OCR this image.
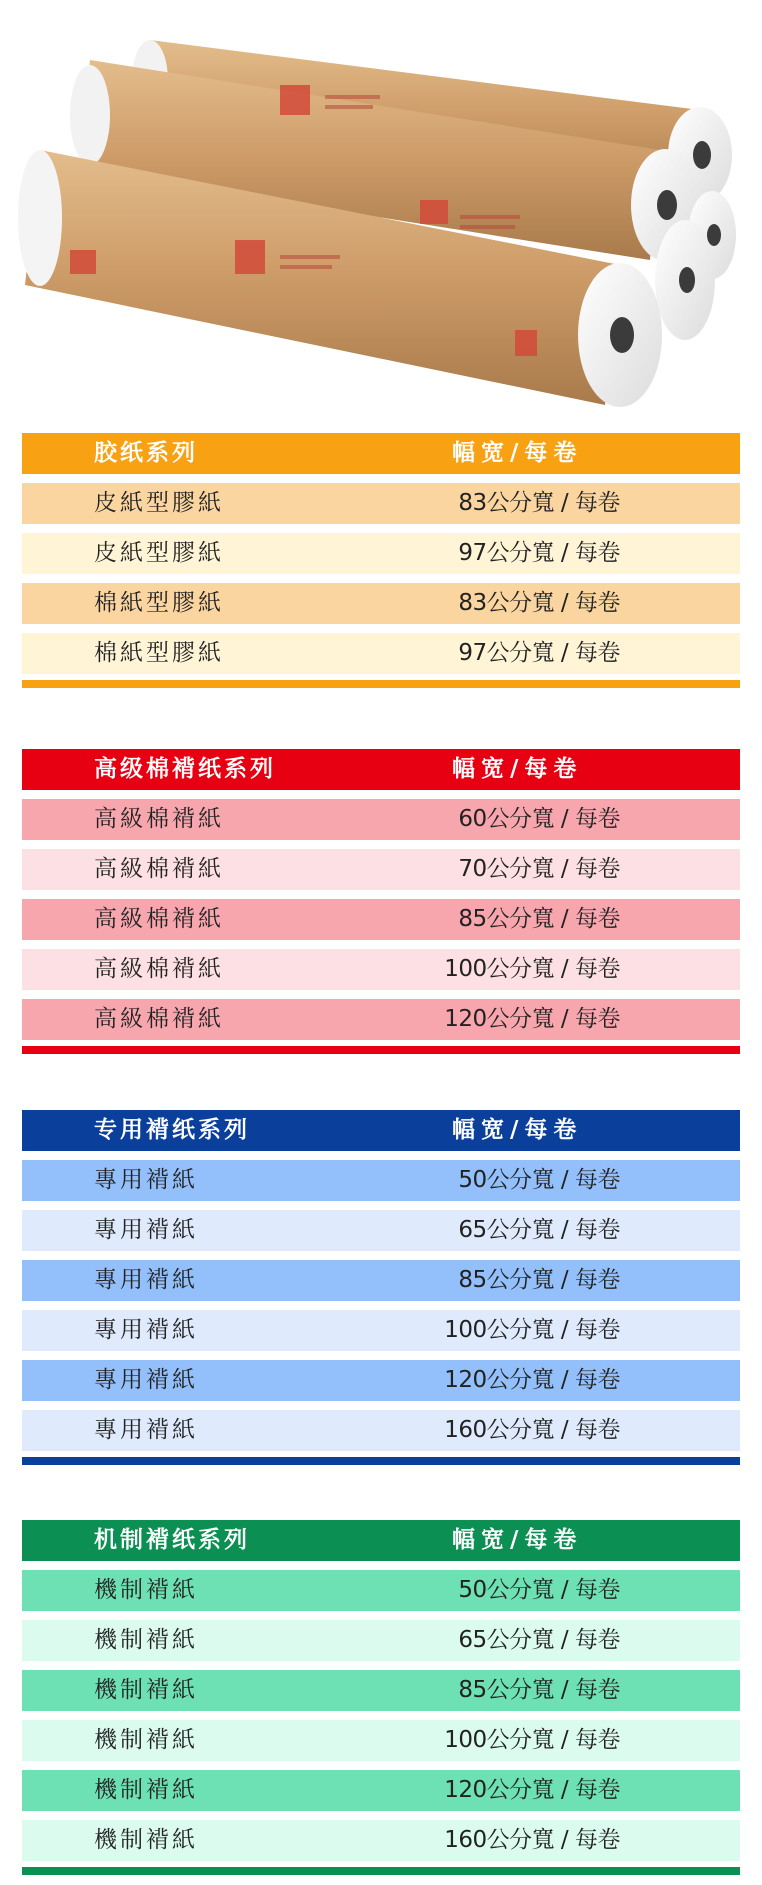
胶纸系列	幅宽/每卷
皮紙型膠紙	83公分寬 / 每卷
皮紙型膠紙	97公分寬 / 每卷
棉紙型膠紙	83公分寬 / 每卷
棉紙型膠紙	97公分寬 / 每卷
高级棉褙纸系列	幅宽/每卷
高級棉褙紙	60公分寬 / 每卷
高級棉褙紙	70公分寬 / 每卷
高級棉褙紙	85公分寬 / 每卷
高級棉褙紙	100公分寬 / 每卷
高級棉褙紙	120公分寬 / 每卷
专用褙纸系列	幅宽/每卷
專用褙紙	50公分寬 / 每卷
專用褙紙	65公分寬 / 每卷
專用褙紙	85公分寬 / 每卷
專用褙紙	100公分寬 / 每卷
專用褙紙	120公分寬 / 每卷
專用褙紙	160公分寬 / 每卷
机制褙纸系列	幅宽/每卷
機制褙紙	50公分寬 / 每卷
機制褙紙	65公分寬 / 每卷
機制褙紙	85公分寬 / 每卷
機制褙紙	100公分寬 / 每卷
機制褙紙	120公分寬 / 每卷
機制褙紙	160公分寬 / 每卷
